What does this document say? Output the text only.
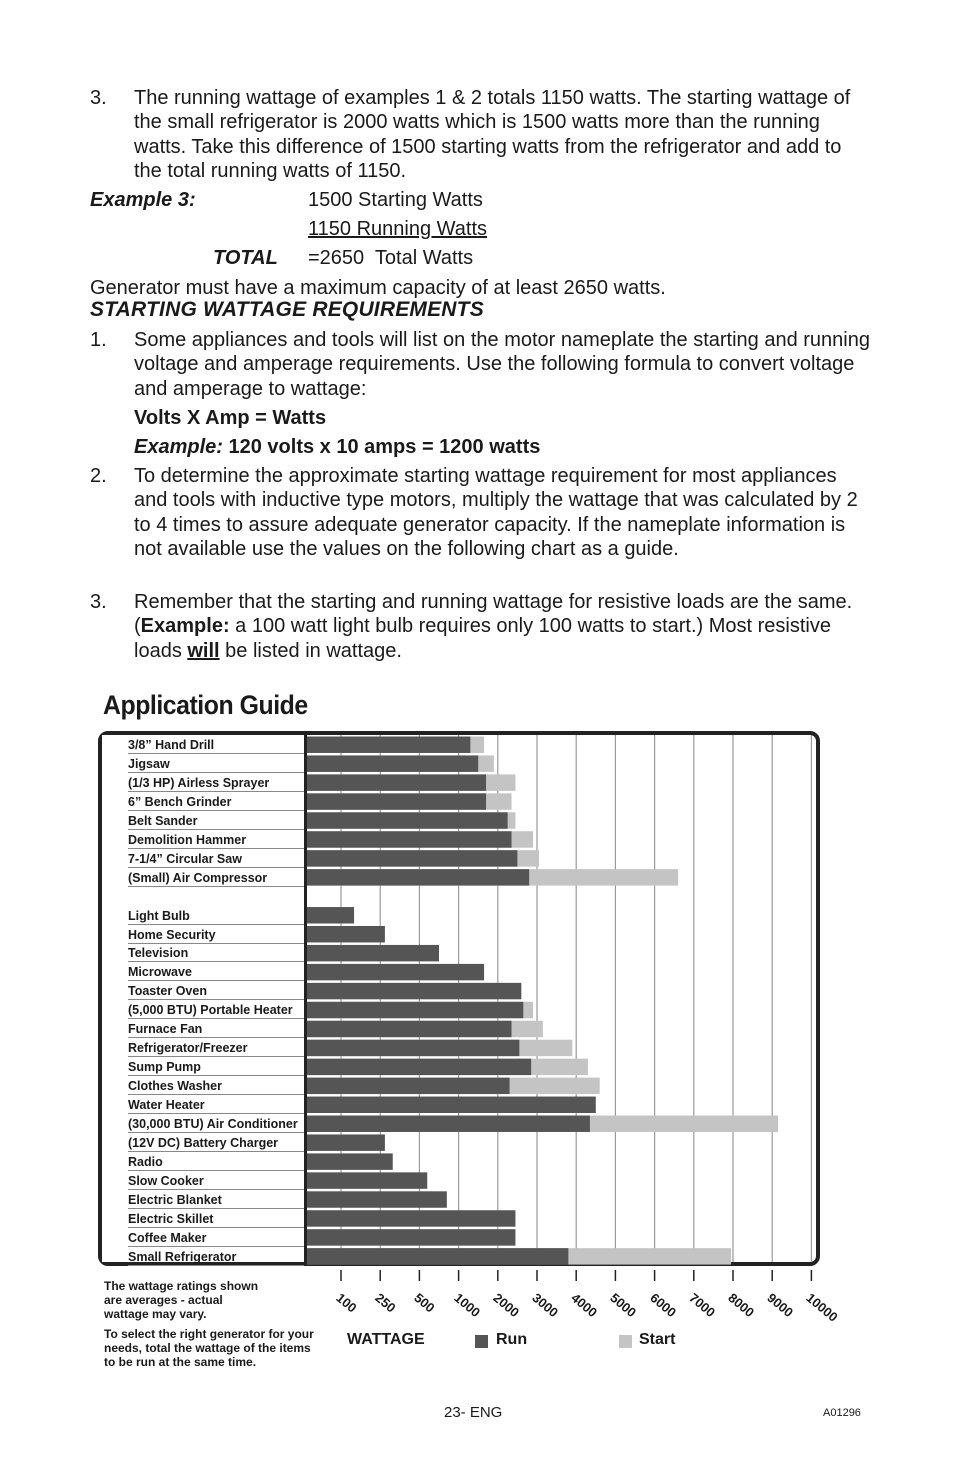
3. The running wattage of examples 1 & 2 totals 1150 watts. The starting wattage of the small refrigerator is 2000 watts which is 1500 watts more than the running watts. Take this difference of 1500 starting watts from the refrigerator and add to the total running watts of 1150.
Example 3:	1500 Starting Watts
1150 Running Watts
TOTAL =2650  Total Watts
Generator must have a maximum capacity of at least 2650 watts.
STARTING WATTAGE REQUIREMENTS
1. Some appliances and tools will list on the motor nameplate the starting and running voltage and amperage requirements. Use the following formula to convert voltage and amperage to wattage:
Volts X Amp = Watts
Example: 120 volts x 10 amps = 1200 watts
2. To determine the approximate starting wattage requirement for most appliances and tools with inductive type motors, multiply the wattage that was calculated by 2 to 4 times to assure adequate generator capacity. If the nameplate information is not available use the values on the following chart as a guide.
3. Remember that the starting and running wattage for resistive loads are the same. (Example: a 100 watt light bulb requires only 100 watts to start.) Most resistive loads will be listed in wattage.
Application Guide
3/8” Hand Drill
Jigsaw
(1/3 HP) Airless Sprayer
6” Bench Grinder
Belt Sander
Demolition Hammer
7-1/4” Circular Saw
(Small) Air Compressor
Light Bulb
Home Security
Television
Microwave
Toaster Oven
(5,000 BTU) Portable Heater
Furnace Fan
Refrigerator/Freezer
Sump Pump
Clothes Washer
Water Heater
(30,000 BTU) Air Conditioner
(12V DC) Battery Charger
Radio
Slow Cooker
Electric Blanket
Electric Skillet
Coffee Maker
Small Refrigerator
100 250 500 1000 2000 3000 4000 5000 6000 7000 8000 9000 10000
The wattage ratings shown are averages - actual wattage may vary.
To select the right generator for your needs, total the wattage of the items to be run at the same time.
WATTAGE	Run	Start
23- ENG	A01296
